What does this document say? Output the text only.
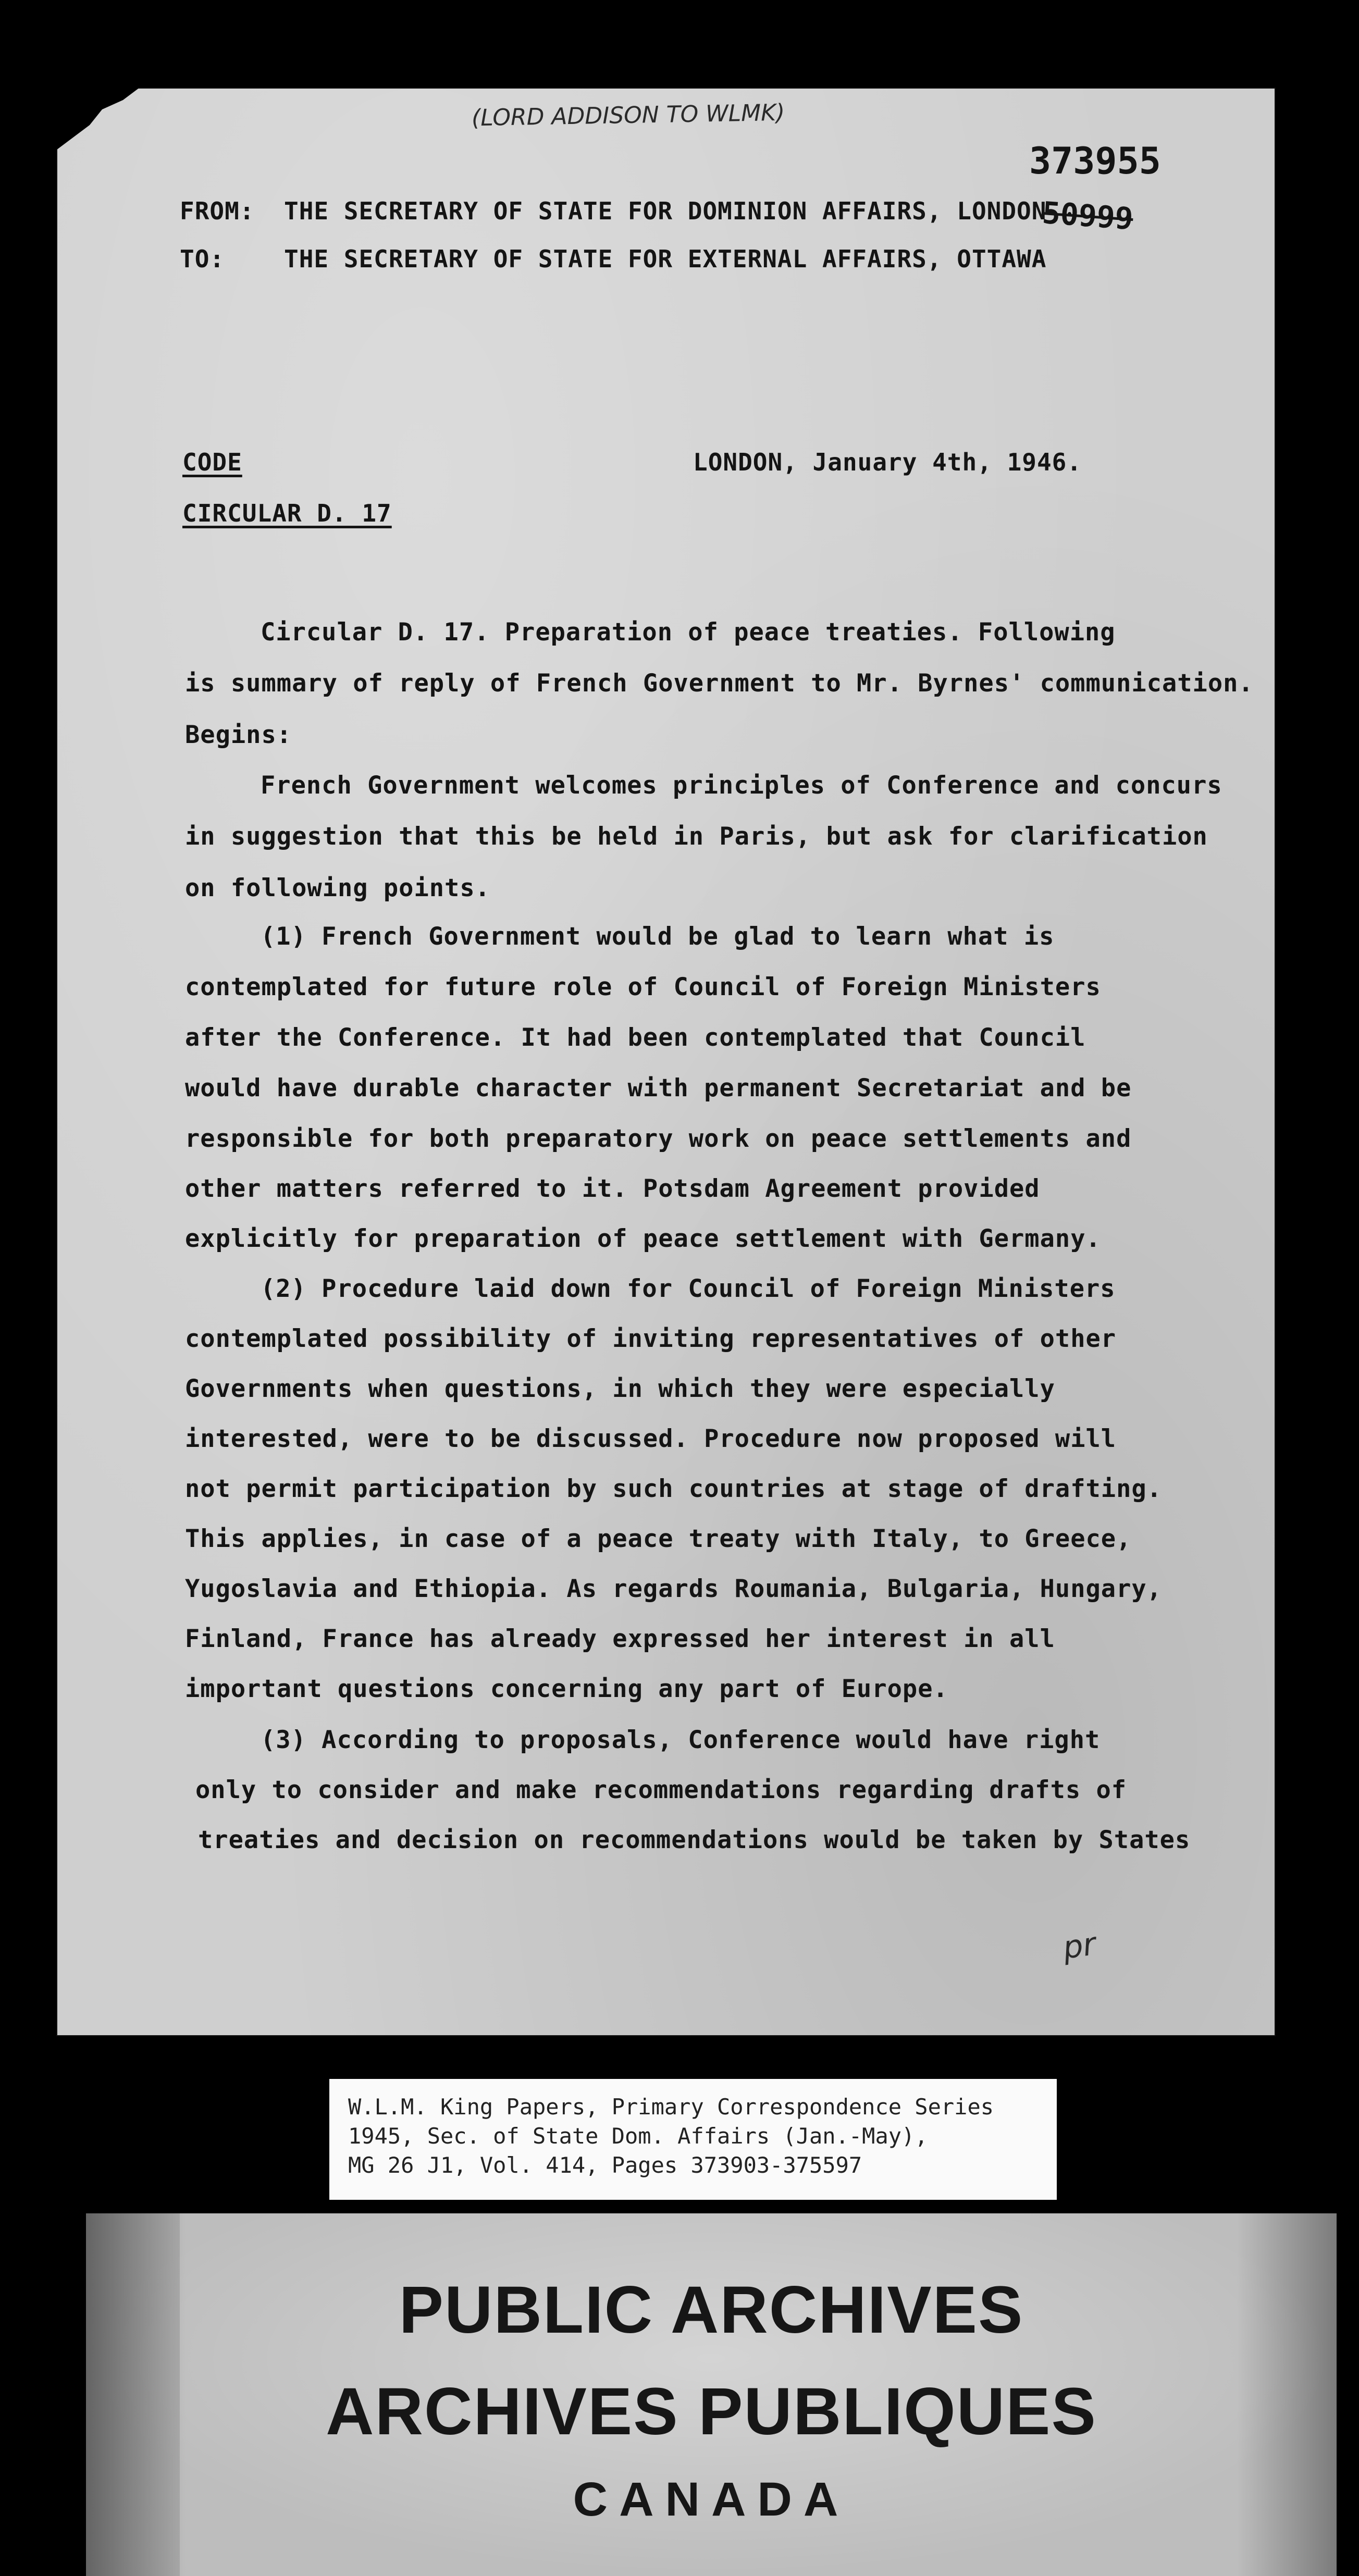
(LORD ADDISON TO WLMK)
373955
50999
FROM: THE SECRETARY OF STATE FOR DOMINION AFFAIRS, LONDON
TO: THE SECRETARY OF STATE FOR EXTERNAL AFFAIRS, OTTAWA
CODE	LONDON, January 4th, 1946.
CIRCULAR D. 17
Circular D. 17. Preparation of peace treaties. Following
is summary of reply of French Government to Mr. Byrnes' communication.
Begins:
French Government welcomes principles of Conference and concurs
in suggestion that this be held in Paris, but ask for clarification
on following points.
(1) French Government would be glad to learn what is
contemplated for future role of Council of Foreign Ministers
after the Conference. It had been contemplated that Council
would have durable character with permanent Secretariat and be
responsible for both preparatory work on peace settlements and
other matters referred to it. Potsdam Agreement provided
explicitly for preparation of peace settlement with Germany.
(2) Procedure laid down for Council of Foreign Ministers
contemplated possibility of inviting representatives of other
Governments when questions, in which they were especially
interested, were to be discussed. Procedure now proposed will
not permit participation by such countries at stage of drafting.
This applies, in case of a peace treaty with Italy, to Greece,
Yugoslavia and Ethiopia. As regards Roumania, Bulgaria, Hungary,
Finland, France has already expressed her interest in all
important questions concerning any part of Europe.
(3) According to proposals, Conference would have right
only to consider and make recommendations regarding drafts of
treaties and decision on recommendations would be taken by States
pr
W.L.M. King Papers, Primary Correspondence Series
1945, Sec. of State Dom. Affairs (Jan.-May),
MG 26 J1, Vol. 414, Pages 373903-375597
PUBLIC ARCHIVES
ARCHIVES PUBLIQUES
CANADA
